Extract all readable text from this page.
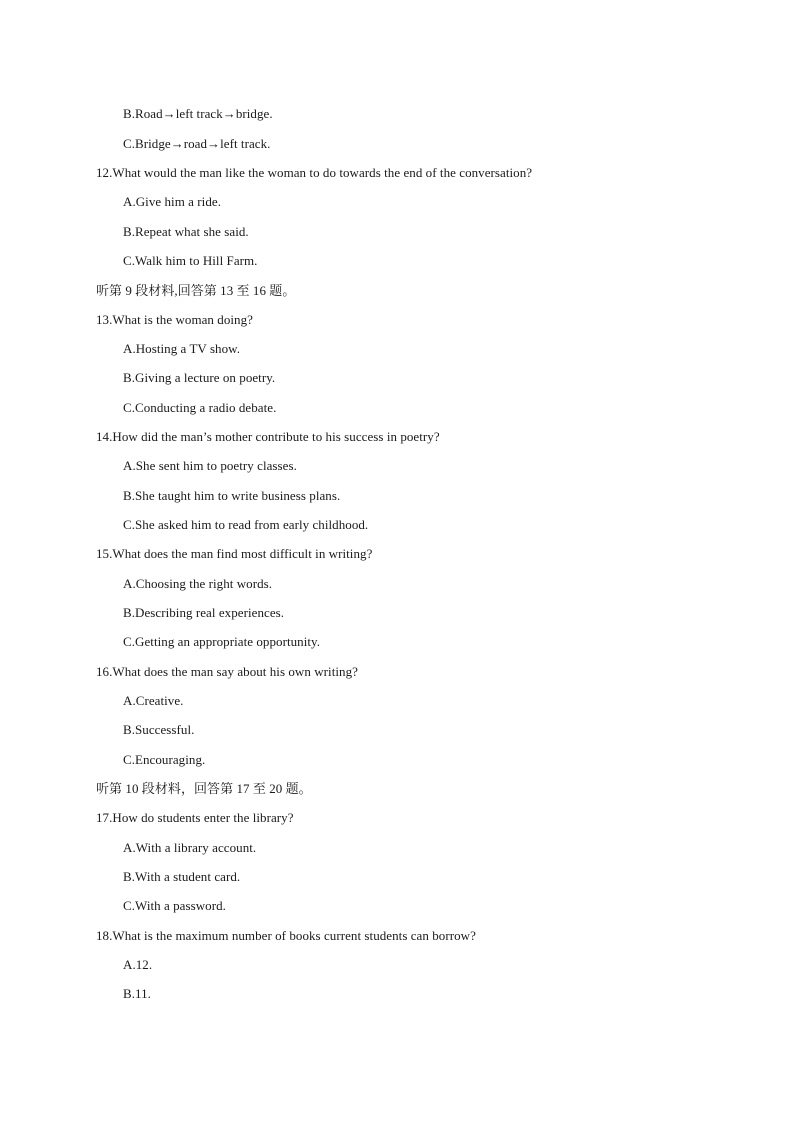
B.Road→left track→bridge.
C.Bridge→road→left track.
12.What would the man like the woman to do towards the end of the conversation?
A.Give him a ride.
B.Repeat what she said.
C.Walk him to Hill Farm.
听第 9 段材料,回答第 13 至 16 题。
13.What is the woman doing?
A.Hosting a TV show.
B.Giving a lecture on poetry.
C.Conducting a radio debate.
14.How did the man’s mother contribute to his success in poetry?
A.She sent him to poetry classes.
B.She taught him to write business plans.
C.She asked him to read from early childhood.
15.What does the man find most difficult in writing?
A.Choosing the right words.
B.Describing real experiences.
C.Getting an appropriate opportunity.
16.What does the man say about his own writing?
A.Creative.
B.Successful.
C.Encouraging.
听第 10 段材料，回答第 17 至 20 题。
17.How do students enter the library?
A.With a library account.
B.With a student card.
C.With a password.
18.What is the maximum number of books current students can borrow?
A.12.
B.11.
